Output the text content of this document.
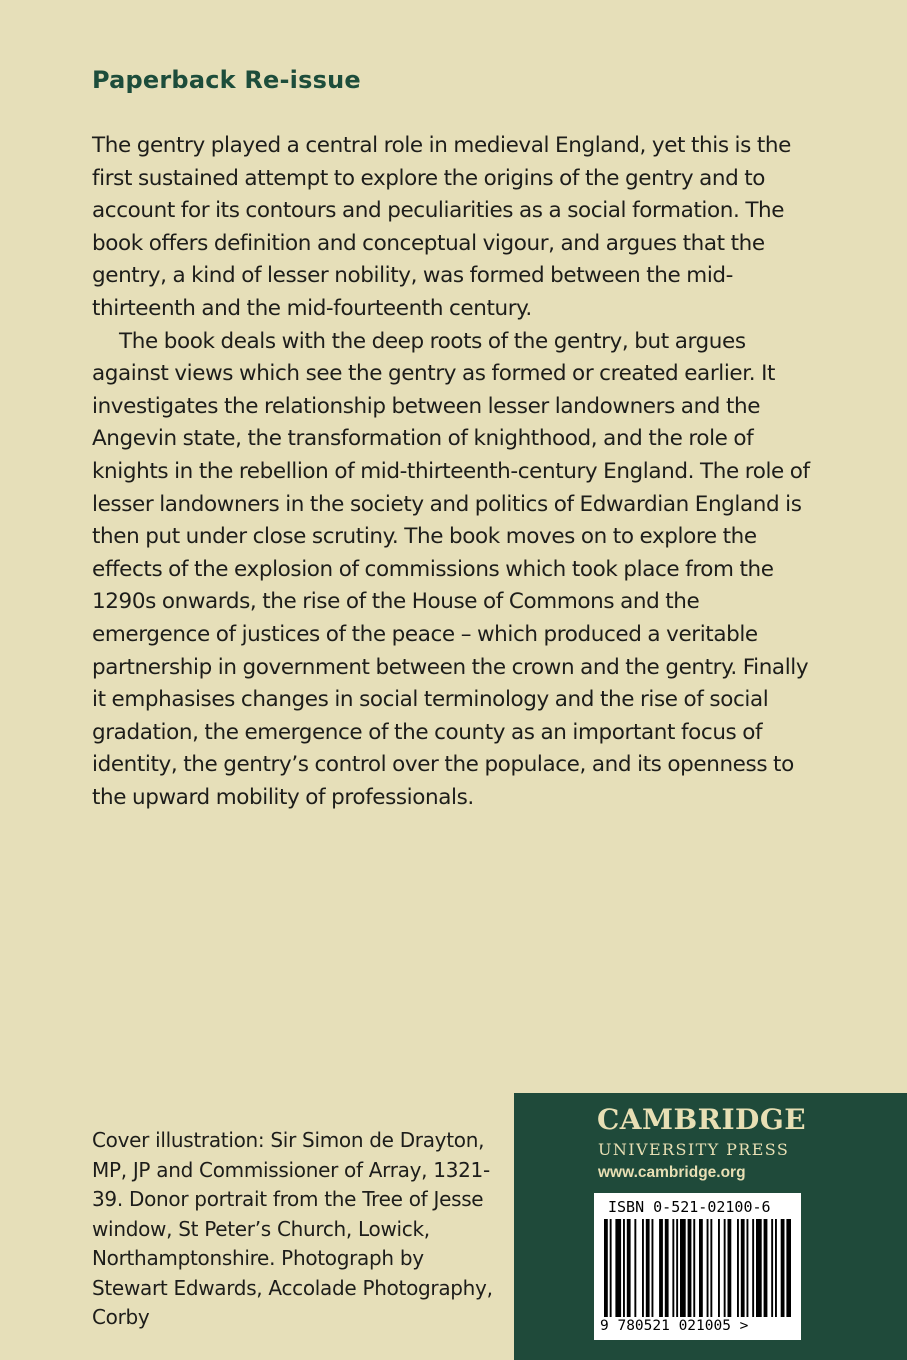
Paperback Re-issue

The gentry played a central role in medieval England, yet this is the first sustained attempt to explore the origins of the gentry and to account for its contours and peculiarities as a social formation. The book offers definition and conceptual vigour, and argues that the gentry, a kind of lesser nobility, was formed between the mid-thirteenth and the mid-fourteenth century.

The book deals with the deep roots of the gentry, but argues against views which see the gentry as formed or created earlier. It investigates the relationship between lesser landowners and the Angevin state, the transformation of knighthood, and the role of knights in the rebellion of mid-thirteenth-century England. The role of lesser landowners in the society and politics of Edwardian England is then put under close scrutiny. The book moves on to explore the effects of the explosion of commissions which took place from the 1290s onwards, the rise of the House of Commons and the emergence of justices of the peace – which produced a veritable partnership in government between the crown and the gentry. Finally it emphasises changes in social terminology and the rise of social gradation, the emergence of the county as an important focus of identity, the gentry’s control over the populace, and its openness to the upward mobility of professionals.

Cover illustration: Sir Simon de Drayton, MP, JP and Commissioner of Array, 1321-39. Donor portrait from the Tree of Jesse window, St Peter’s Church, Lowick, Northamptonshire. Photograph by Stewart Edwards, Accolade Photography, Corby
CAMBRIDGE
UNIVERSITY PRESS
www.cambridge.org
ISBN 0-521-02100-6
9 780521 021005 >
